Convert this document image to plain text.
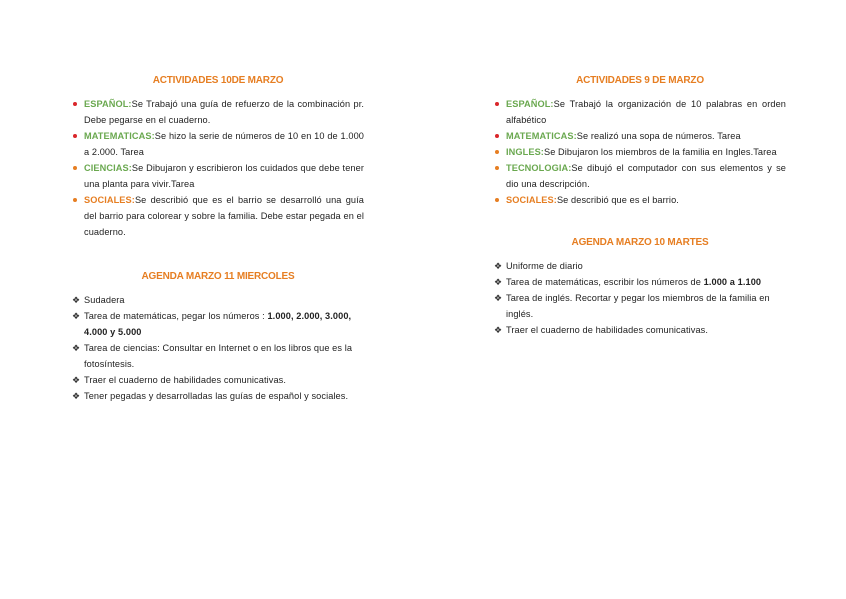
ACTIVIDADES 10DE MARZO
ESPAÑOL:Se Trabajó una guía de refuerzo de la combinación pr. Debe pegarse en el cuaderno.
MATEMATICAS:Se hizo la serie de números de 10 en 10 de 1.000 a 2.000. Tarea
CIENCIAS:Se Dibujaron y escribieron los cuidados que debe tener una planta para vivir.Tarea
SOCIALES:Se describió que es el barrio se desarrolló una guía del barrio para colorear y sobre la familia. Debe estar pegada en el cuaderno.
AGENDA MARZO 11 MIERCOLES
❖ Sudadera
❖ Tarea de matemáticas, pegar los números : 1.000, 2.000, 3.000, 4.000 y 5.000
❖ Tarea de ciencias: Consultar en Internet o en los libros que es la fotosíntesis.
❖ Traer el cuaderno de habilidades comunicativas.
❖ Tener pegadas y desarrolladas las guías de español y sociales.
ACTIVIDADES 9 DE MARZO
ESPAÑOL:Se Trabajó la organización de 10 palabras en orden alfabético
MATEMATICAS:Se realizó una sopa de números. Tarea
INGLES:Se Dibujaron los miembros de la familia en Ingles.Tarea
TECNOLOGIA:Se dibujó el computador con sus elementos y se dio una descripción.
SOCIALES:Se describió que es el barrio.
AGENDA MARZO 10 MARTES
❖ Uniforme de diario
❖ Tarea de matemáticas, escribir los números de 1.000 a 1.100
❖ Tarea de inglés. Recortar y pegar los miembros de la familia en inglés.
❖ Traer el cuaderno de habilidades comunicativas.
